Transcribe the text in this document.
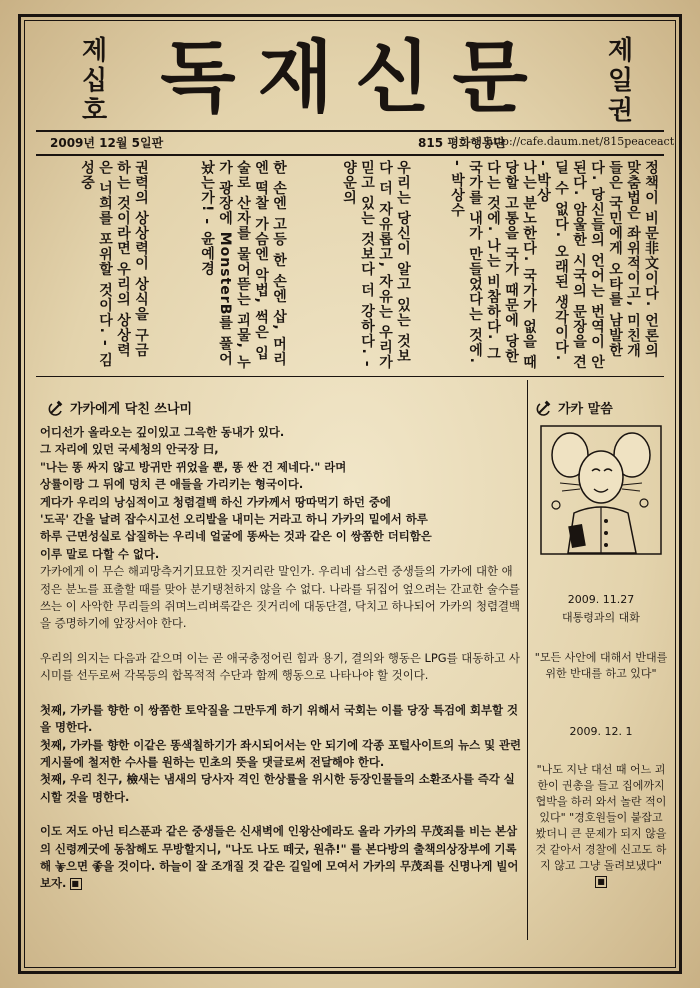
제십호 독재신문	제일권
2009년 12월 5일판	815 평화행동단
http://cafe.daum.net/815peaceact
정책이 비문非文이다. 언론의 맞춤법은 좌위적이고, 미친개들은 국민에게 오타를 남발한다. 당신들의 언어는 번역이 안된다. 암울한 시국의 문장을 견딜 수 없다. 오래된 생각이다. - 박상
나는 분노한다. 국가가 없을 때 당할 고통을 국가 때문에 당한다는 것에. 나는 비참하다. 그 국가를 내가 만들었다는 것에. - 박상수
우리는 당신이 알고 있는 것보다 더 자유롭고, 자유는 우리가 믿고 있는 것보다 더 강하다. - 양운의
한 손엔 고등 한 손엔 삽, 머리엔 떡찰 가슴엔 악법, 썩은 입술로 산자를 물어뜯는 괴물, 누가 광장에 MonsterB를 풀어놨는가! - 윤예경
권력의 상상력이 상식을 구금하는 것이라면 우리의 상상력은 너희를 포위할 것이다. - 김성중
가카에게 닥친 쓰나미

어디선가 올라오는 깊이있고 그윽한 동내가 있다.
그 자리에 있던 국세청의 안국장 曰,
"나는 똥 싸지 않고 방귀만 뀌었을 뿐, 똥 싼 건 제네다." 라며
상률이랑 그 뒤에 덩치 큰 애들을 가리키는 형국이다.
게다가 우리의 낭심적이고 청렴결백 하신 가카께서 땅따먹기 하던 중에
'도곡' 간을 날려 잡수시고선 오리발을 내미는 거라고 하니 가카의 밑에서 하루
하루 근면성실로 삽질하는 우리네 얼굴에 똥싸는 것과 같은 이 쌍쫌한 더티함은
이루 말로 다할 수 없다.

가카에게 이 무슨 해괴망측거기묘묘한 짓거리란 말인가. 우리네 삽스런 중생들의 가카에 대한 애정은 분노를 표출할 때를 맞아 분기탱천하지 않을 수 없다. 나라를 뒤집어 엎으려는 간교한 술수를 쓰는 이 사악한 무리들의 쥐며느리벼룩같은 짓거리에 대동단결, 닥치고 하나되어 가카의 청렴결백을 증명하기에 앞장서야 한다.

우리의 의지는 다음과 같으며 이는 곧 애국충정어린 힘과 용기, 결의와 행동은 LPG를 대동하고 사시미를 선두로써 각목등의 합목적적 수단과 함께 행동으로 나타나야 할 것이다.

첫째, 가카를 향한 이 쌍쫌한 토악질을 그만두게 하기 위해서 국회는 이를 당장 특검에 회부할 것을 명한다.
첫째, 가카를 향한 이같은 똥색칠하기가 좌시되어서는 안 되기에 각종 포털사이트의 뉴스 및 관련 게시물에 철저한 수사를 원하는 민초의 뜻을 댓글로써 전달해야 한다.
첫째, 우리 친구, 檢새는 냄새의 당사자 격인 한상률을 위시한 등장인물들의 소환조사를 즉각 실시할 것을 명한다.

이도 저도 아닌 티스푼과 같은 중생들은 신새벽에 인왕산에라도 올라 가카의 무茂죄를 비는 본삼의 신령께굿에 동참해도 무방할지니, "나도 나도 떼굿, 원츄!" 를 본다방의 출책의상장부에 기록해 놓으면 좋을 것이다. 하늘이 잘 조개질 것 같은 길일에 모여서 가카의 무茂죄를 신명나게 빌어보자. ■

가카 말씀
2009. 11.27
대통령과의 대화
"모든 사안에 대해서 반대를 위한 반대를 하고 있다"
2009. 12. 1
"나도 지난 대선 때 어느 괴한이 권총을 들고 집에까지 협박을 하러 와서 놀란 적이 있다" "경호원들이 붙잡고 봤더니 큰 문제가 되지 않을 것 같아서 경찰에 신고도 하지 않고 그냥 돌려보냈다" ■
